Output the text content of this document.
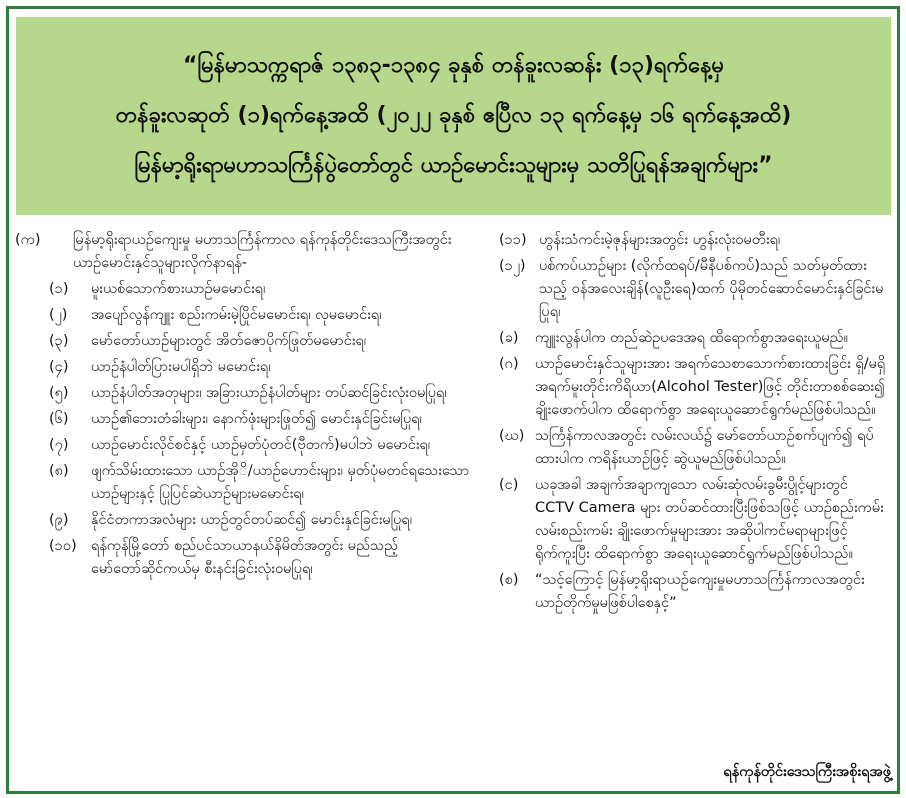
“မြန်မာသက္ကရာဇ် ၁၃၈၃-၁၃၈၄ ခုနှစ် တန်ခူးလဆန်း (၁၃)ရက်နေ့မှ
တန်ခူးလဆုတ် (၁)ရက်နေ့အထိ (၂၀၂၂ ခုနှစ် ဧပြီလ ၁၃ ရက်နေ့မှ ၁၆ ရက်နေ့အထိ)
မြန်မာ့ရိုးရာမဟာသင်္ကြန်ပွဲတော်တွင် ယာဉ်မောင်းသူများမှ သတိပြုရန်အချက်များ”
(က)	မြန်မာ့ရိုးရာယဉ်ကျေးမှု မဟာသင်္ကြန်ကာလ ရန်ကုန်တိုင်းဒေသကြီးအတွင်း ယာဉ်မောင်းနှင်သူများလိုက်နာရန်-
(၁)	မူးယစ်သောက်စားယာဉ်မမောင်းရ၊
(၂)	အပျော်လွန်ကျူး စည်းကမ်းမဲ့ပြိုင်မမောင်းရ၊ လုမမောင်းရ၊
(၃)	မော်တော်ယာဉ်များတွင် အိတ်ဇောပိုက်ဖြုတ်မမောင်းရ၊
(၄)	ယာဉ်နံပါတ်ပြားမပါရှိဘဲ မမောင်းရ၊
(၅)	ယာဉ်နံပါတ်အတုများ၊ အခြားယာဉ်နံပါတ်များ တပ်ဆင်ခြင်းလုံးဝမပြုရ၊
(၆)	ယာဉ်၏ဘေးတံခါးများ၊ နောက်ဖုံးများဖြုတ်၍ မောင်းနှင်ခြင်းမပြုရ၊
(၇)	ယာဉ်မောင်းလိုင်စင်နှင့် ယာဉ်မှတ်ပုံတင်(ဗီုတက်)မပါဘဲ မမောင်းရ၊
(၈)	ဖျက်သိမ်းထားသော ယာဉ်အိုိ/ယာဉ်ဟောင်းများ၊ မှတ်ပုံမတင်ရသေးသောယာဉ်များနှင့် ပြုပြင်ဆဲယာဉ်များမမောင်းရ၊
(၉)	နိုင်ငံတကာအလံများ ယာဉ်တွင်တပ်ဆင်၍ မောင်းနှင်ခြင်းမပြုရ၊
(၁၀) ရန်ကုန်မြို့တော် စည်ပင်သာယာနယ်နိမိတ်အတွင်း မည်သည့်မော်တော်ဆိုင်ကယ်မှ စီးနင်းခြင်းလုံးဝမပြုရ၊
(၁၁) ဟွန်းသံကင်းမဲ့ဇုန်များအတွင်း ဟွန်းလုံးဝမတီးရ၊
(၁၂) ပစ်ကပ်ယာဉ်များ (လိုက်ထရပ်/မီနီပစ်ကပ်)သည် သတ်မှတ်ထားသည့် ဝန်အလေးချိန်(လူဦးရေ)ထက် ပိုမိုတင်ဆောင်မောင်းနှင်ခြင်းမပြုရ၊
(ခ)	ကျူးလွန်ပါက တည်ဆဲဥပဒေအရ ထိရောက်စွာအရေးယူမည်။
(ဂ)	ယာဉ်မောင်းနှင်သူများအား အရက်သေစာသောက်စားထားခြင်း ရှိ/မရှိ အရက်မူးတိုင်းကိရိယာ(Alcohol Tester)ဖြင့် တိုင်းတာစစ်ဆေး၍ ချိုးဖောက်ပါက ထိရောက်စွာ အရေးယူဆောင်ရွက်မည်ဖြစ်ပါသည်။
(ဃ) သင်္ကြန်ကာလအတွင်း လမ်းလယ်၌ မော်တော်ယာဉ်စက်ပျက်၍ ရပ်ထားပါက ကရိန်းယာဉ်ဖြင့် ဆွဲယူမည်ဖြစ်ပါသည်။
(င)	ယခုအခါ အချက်အချာကျသော လမ်းဆုံလမ်းခွမီးပွိုင့်များတွင် CCTV Camera များ တပ်ဆင်ထားပြီးဖြစ်သဖြင့် ယာဉ်စည်းကမ်း လမ်းစည်းကမ်း ချိုးဖောက်မှုများအား အဆိုပါကင်မရာများဖြင့် ရိုက်ကူးပြီး ထိရောက်စွာ အရေးယူဆောင်ရွက်မည်ဖြစ်ပါသည်။
(စ)	“သင့်ကြောင့် မြန်မာ့ရိုးရာယဉ်ကျေးမှုမဟာသင်္ကြန်ကာလအတွင်း ယာဉ်တိုက်မှုမဖြစ်ပါစေနှင့်”
ရန်ကုန်တိုင်းဒေသကြီးအစိုးရအဖွဲ့
